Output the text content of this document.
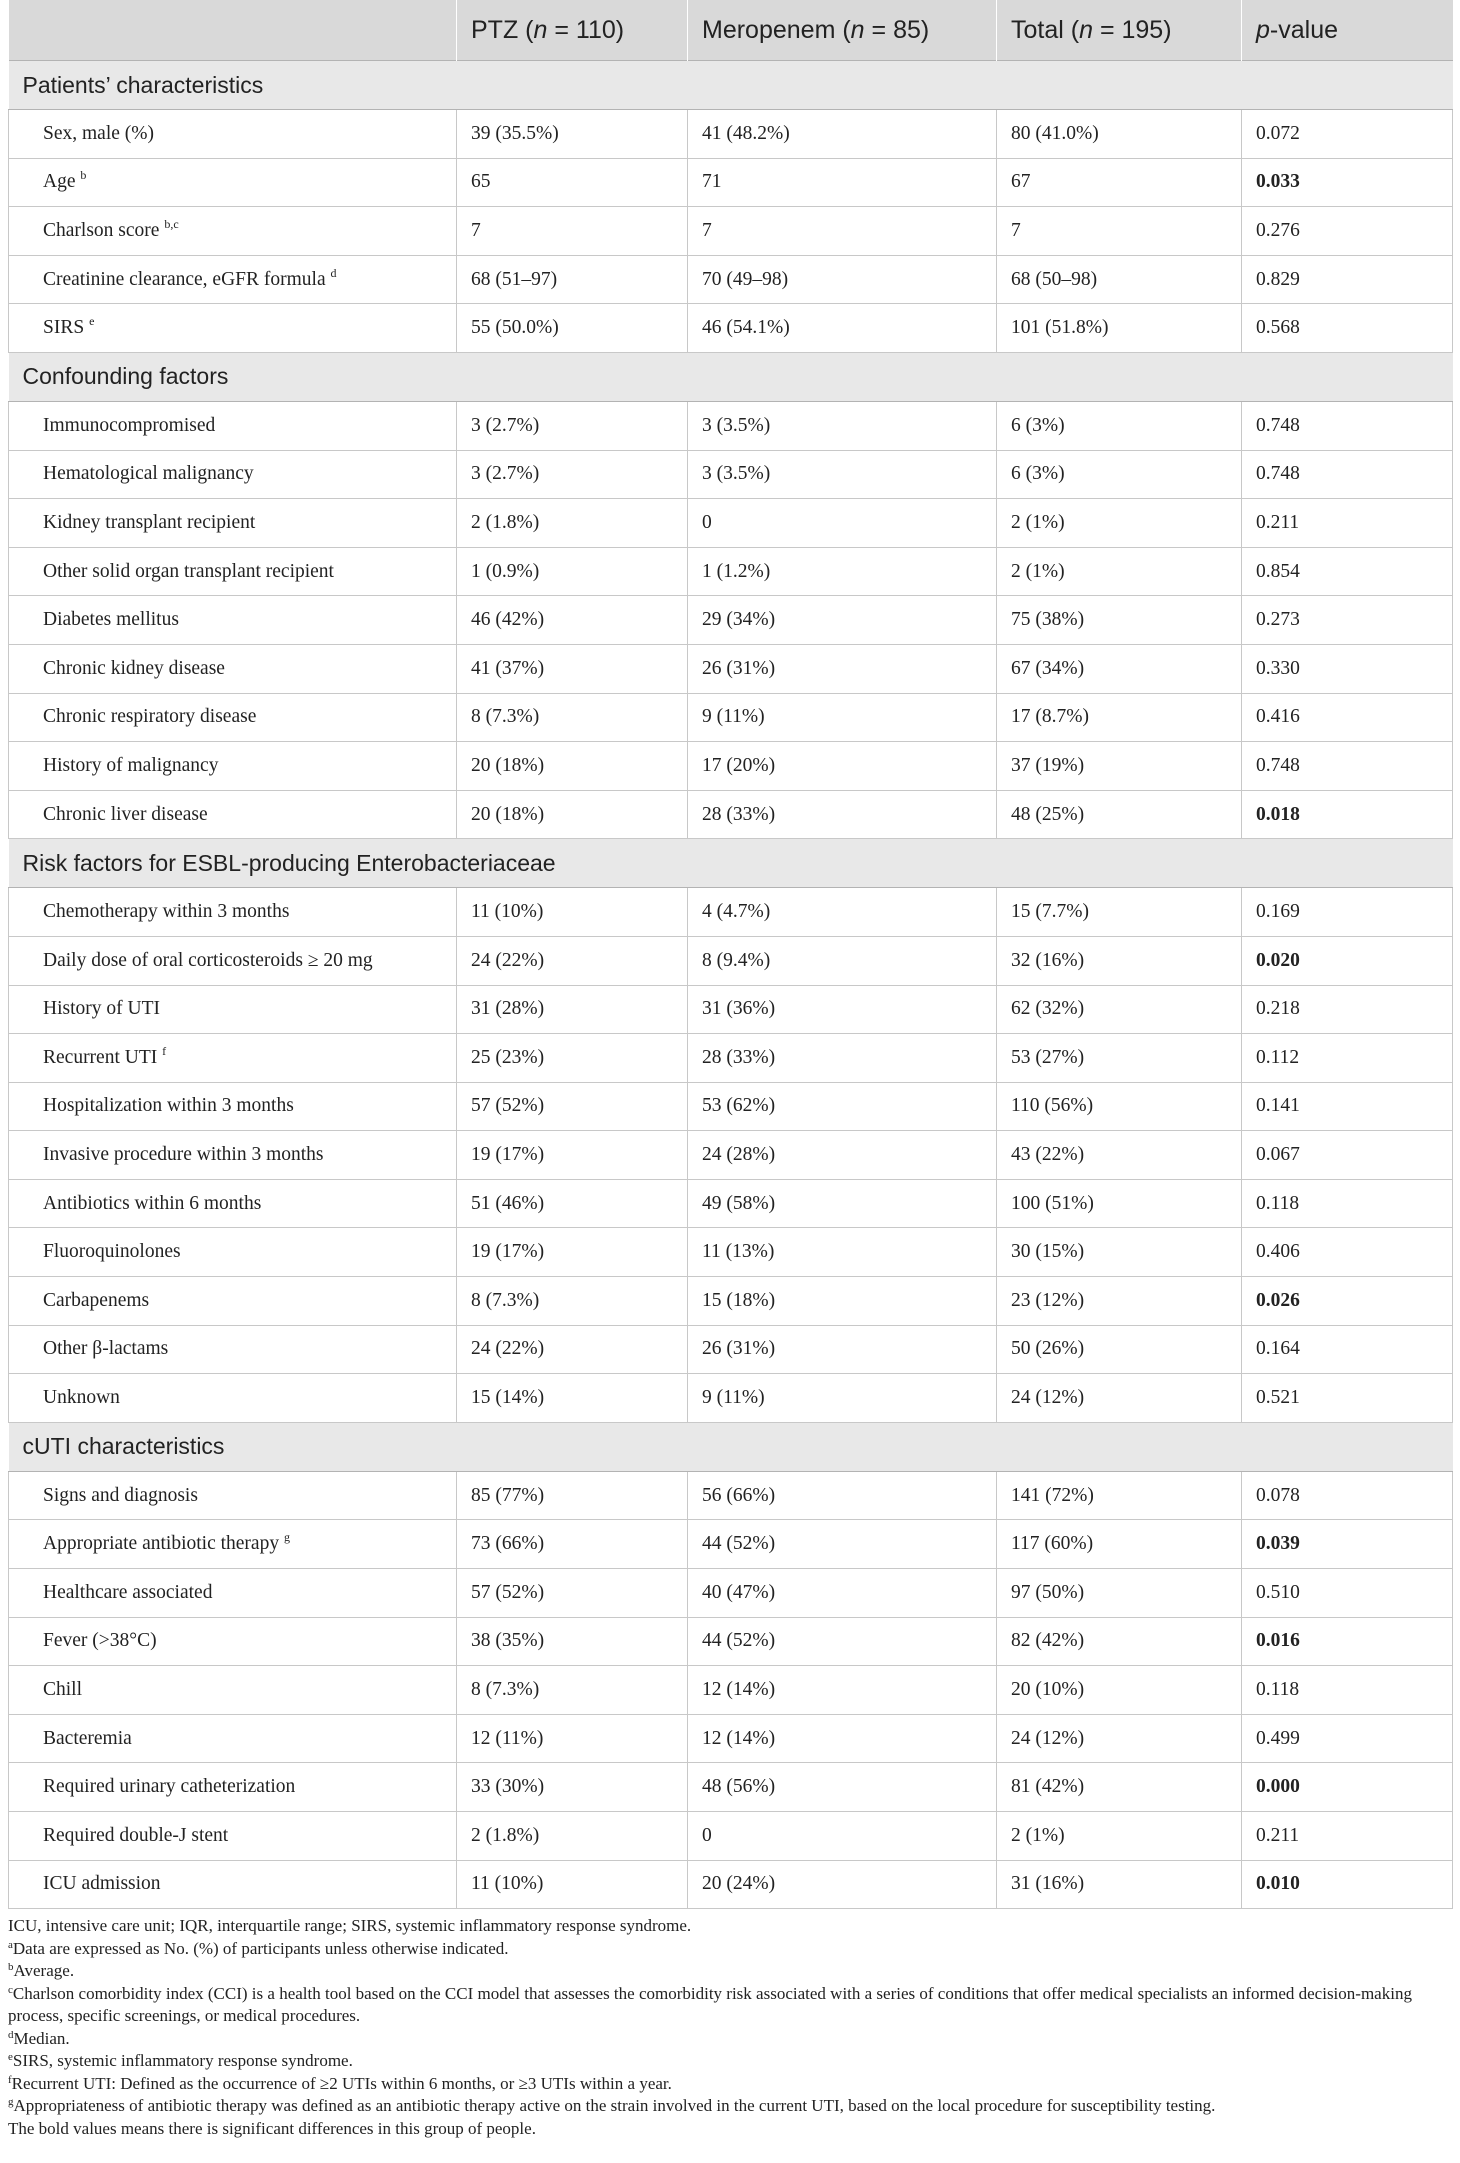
	PTZ (n = 110)	Meropenem (n = 85)	Total (n = 195)	p-value
Patients’ characteristics				
Sex, male (%)	39 (35.5%)	41 (48.2%)	80 (41.0%)	0.072
Age $^b$	65	71	67	0.033
Charlson score $^{b,c}$	7	7	7	0.276
Creatinine clearance, eGFR formula $^d$	68 (51–97)	70 (49–98)	68 (50–98)	0.829
SIRS $^e$	55 (50.0%)	46 (54.1%)	101 (51.8%)	0.568
Confounding factors				
Immunocompromised	3 (2.7%)	3 (3.5%)	6 (3%)	0.748
Hematological malignancy	3 (2.7%)	3 (3.5%)	6 (3%)	0.748
Kidney transplant recipient	2 (1.8%)	0	2 (1%)	0.211
Other solid organ transplant recipient	1 (0.9%)	1 (1.2%)	2 (1%)	0.854
Diabetes mellitus	46 (42%)	29 (34%)	75 (38%)	0.273
Chronic kidney disease	41 (37%)	26 (31%)	67 (34%)	0.330
Chronic respiratory disease	8 (7.3%)	9 (11%)	17 (8.7%)	0.416
History of malignancy	20 (18%)	17 (20%)	37 (19%)	0.748
Chronic liver disease	20 (18%)	28 (33%)	48 (25%)	0.018
Risk factors for ESBL-producing Enterobacteriaceae				
Chemotherapy within 3 months	11 (10%)	4 (4.7%)	15 (7.7%)	0.169
Daily dose of oral corticosteroids ≥ 20 mg	24 (22%)	8 (9.4%)	32 (16%)	0.020
History of UTI	31 (28%)	31 (36%)	62 (32%)	0.218
Recurrent UTI $^f$	25 (23%)	28 (33%)	53 (27%)	0.112
Hospitalization within 3 months	57 (52%)	53 (62%)	110 (56%)	0.141
Invasive procedure within 3 months	19 (17%)	24 (28%)	43 (22%)	0.067
Antibiotics within 6 months	51 (46%)	49 (58%)	100 (51%)	0.118
Fluoroquinolones	19 (17%)	11 (13%)	30 (15%)	0.406
Carbapenems	8 (7.3%)	15 (18%)	23 (12%)	0.026
Other β-lactams	24 (22%)	26 (31%)	50 (26%)	0.164
Unknown	15 (14%)	9 (11%)	24 (12%)	0.521
cUTI characteristics				
Signs and diagnosis	85 (77%)	56 (66%)	141 (72%)	0.078
Appropriate antibiotic therapy $^g$	73 (66%)	44 (52%)	117 (60%)	0.039
Healthcare associated	57 (52%)	40 (47%)	97 (50%)	0.510
Fever (>38°C)	38 (35%)	44 (52%)	82 (42%)	0.016
Chill	8 (7.3%)	12 (14%)	20 (10%)	0.118
Bacteremia	12 (11%)	12 (14%)	24 (12%)	0.499
Required urinary catheterization	33 (30%)	48 (56%)	81 (42%)	0.000
Required double-J stent	2 (1.8%)	0	2 (1%)	0.211
ICU admission	11 (10%)	20 (24%)	31 (16%)	0.010

ICU, intensive care unit; IQR, interquartile range; SIRS, systemic inflammatory response syndrome.

$^a$Data are expressed as No. (%) of participants unless otherwise indicated.

$^b$Average.

$^c$Charlson comorbidity index (CCI) is a health tool based on the CCI model that assesses the comorbidity risk associated with a series of conditions that offer medical specialists an informed decision-making process, specific screenings, or medical procedures.

$^d$Median.

$^e$SIRS, systemic inflammatory response syndrome.

$^f$Recurrent UTI: Defined as the occurrence of ≥2 UTIs within 6 months, or ≥3 UTIs within a year.

$^g$Appropriateness of antibiotic therapy was defined as an antibiotic therapy active on the strain involved in the current UTI, based on the local procedure for susceptibility testing.

The bold values means there is significant differences in this group of people.
